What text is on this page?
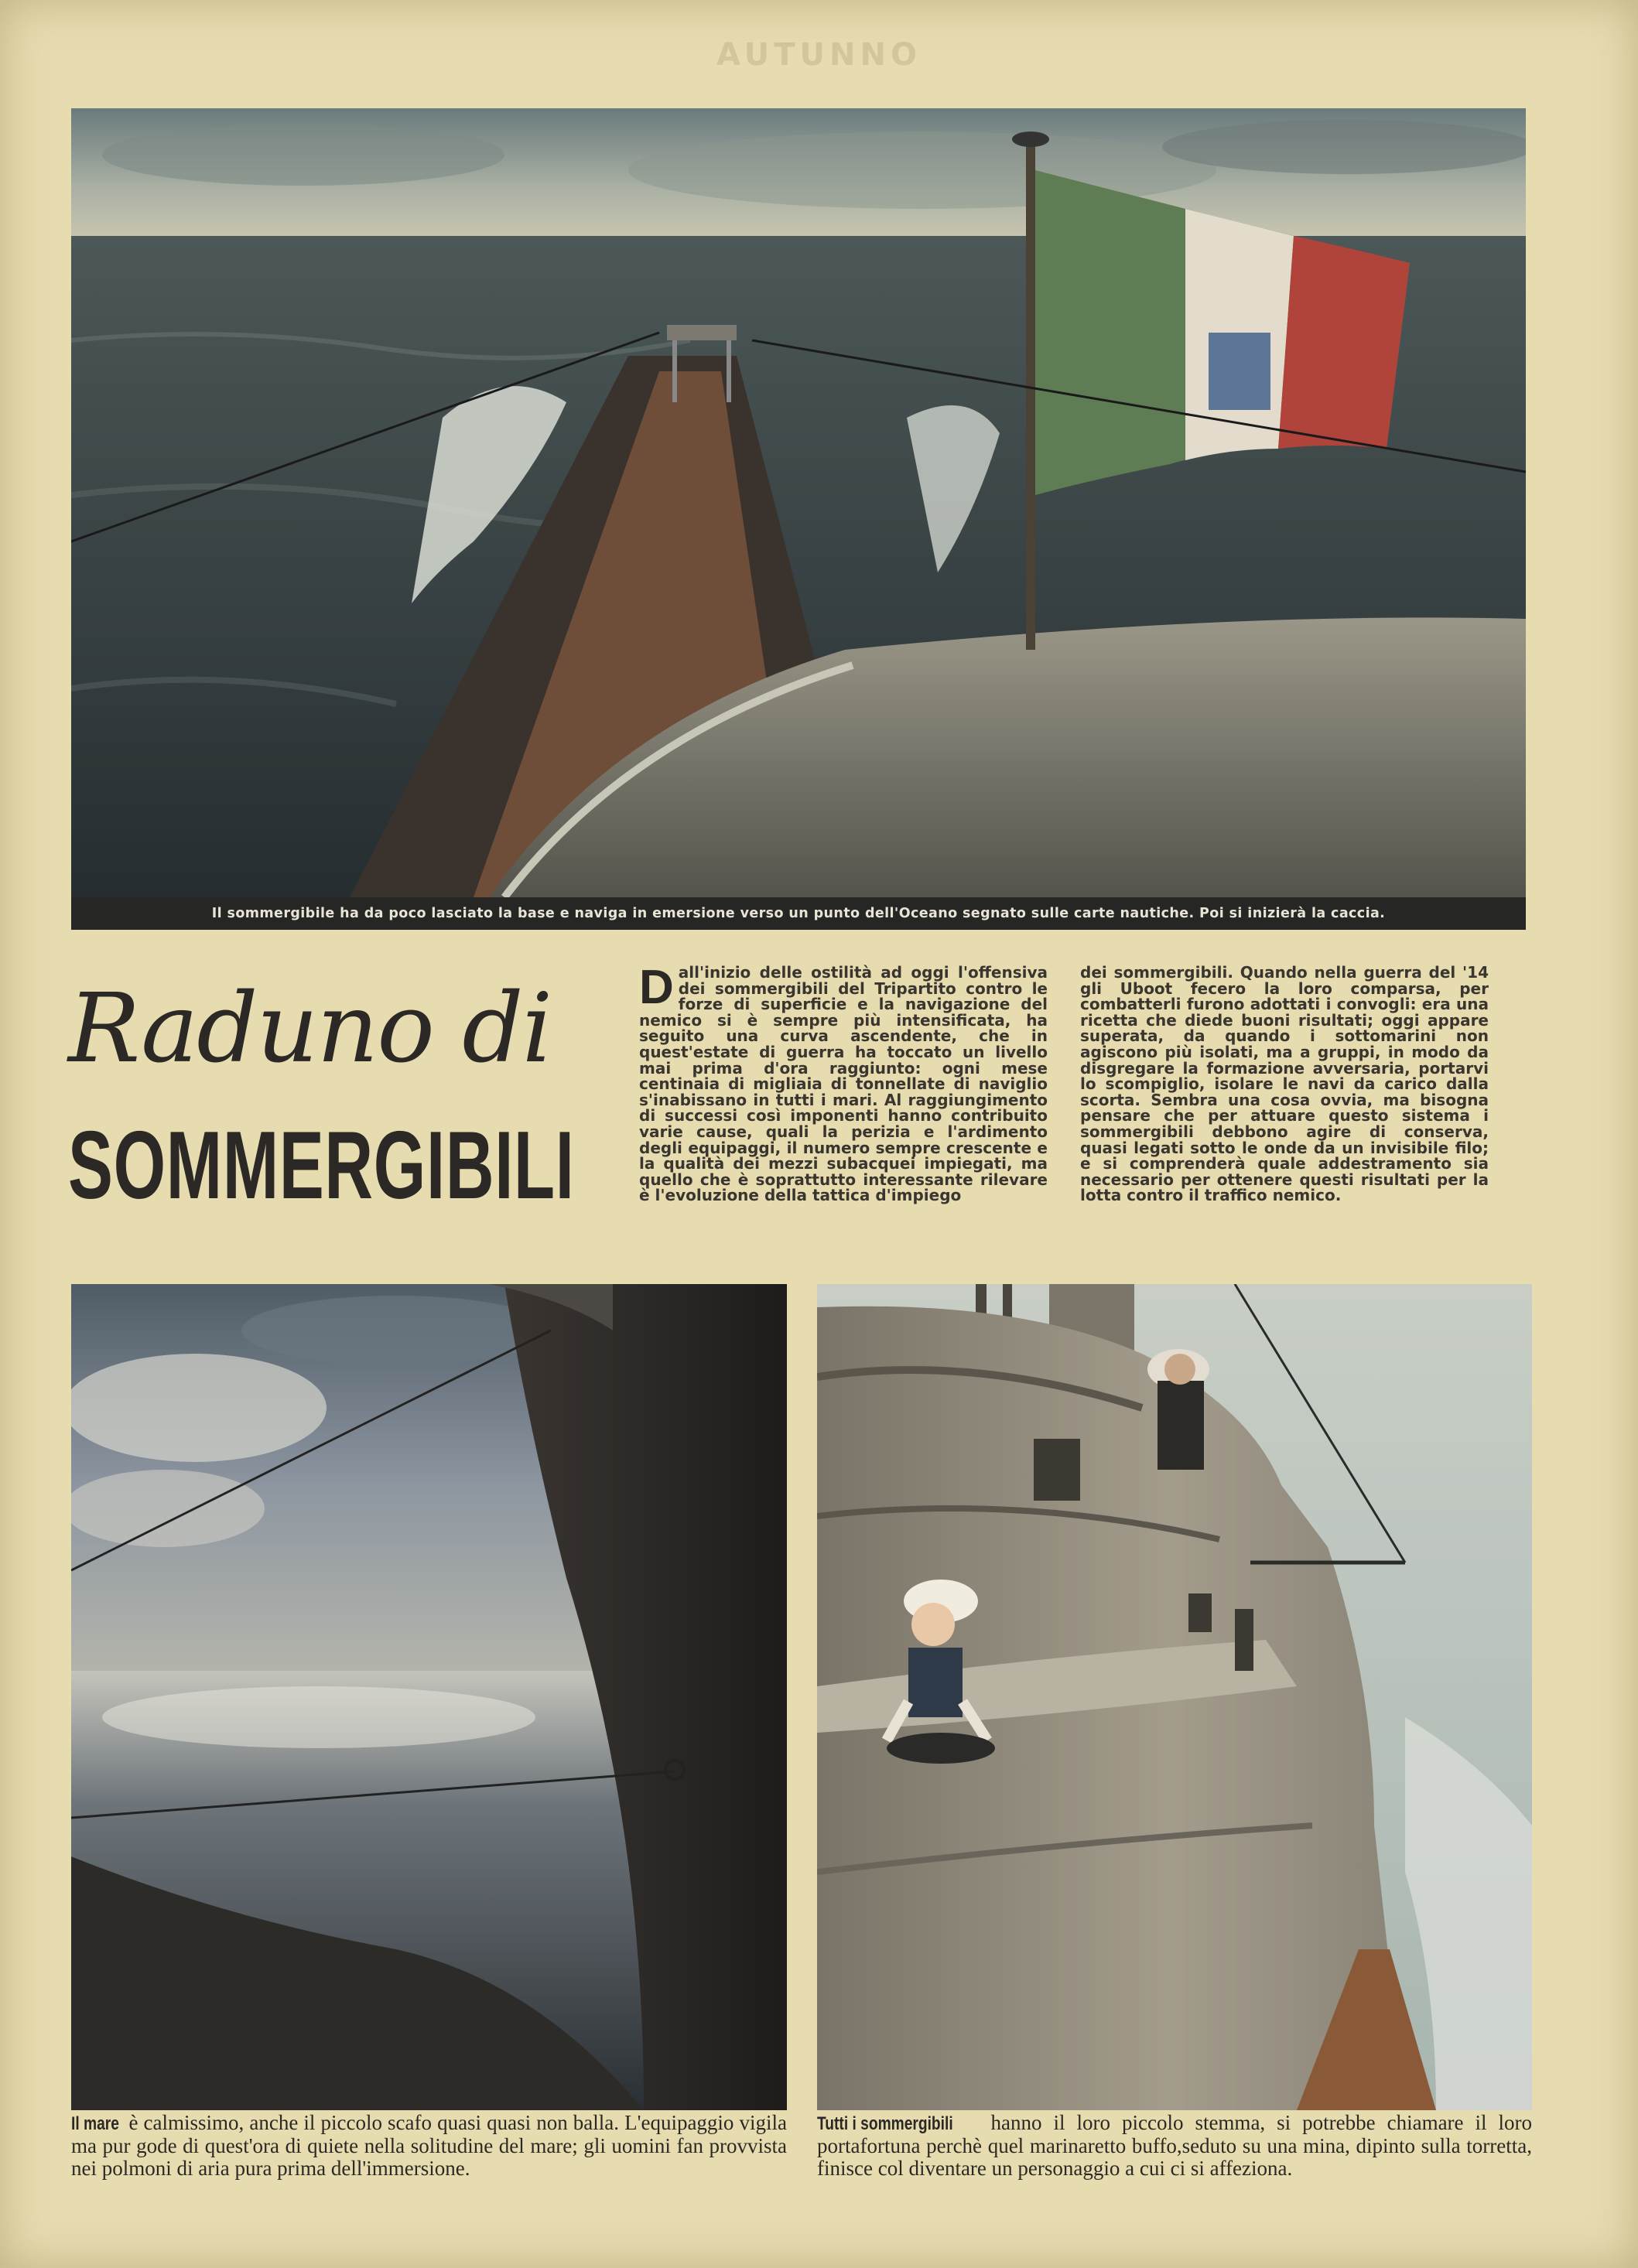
AUTUNNO
Il sommergibile ha da poco lasciato la base e naviga in emersione verso un punto dell'Oceano segnato sulle carte nautiche. Poi si inizierà la caccia.
Raduno di
SOMMERGIBILI
Dall'inizio delle ostilità ad oggi l'offensiva dei sommergibili del Tripartito contro le forze di superficie e la navigazione del nemico si è sempre più intensificata, ha seguito una curva ascendente, che in quest'estate di guerra ha toccato un livello mai prima d'ora raggiunto: ogni mese centinaia di migliaia di tonnellate di naviglio s'inabissano in tutti i mari. Al raggiungimento di successi così imponenti hanno contribuito varie cause, quali la perizia e l'ardimento degli equipaggi, il numero sempre crescente e la qualità dei mezzi subacquei impiegati, ma quello che è soprattutto interessante rilevare è l'evoluzione della tattica d'impiego
dei sommergibili. Quando nella guerra del '14 gli Uboot fecero la loro comparsa, per combatterli furono adottati i convogli: era una ricetta che diede buoni risultati; oggi appare superata, da quando i sottomarini non agiscono più isolati, ma a gruppi, in modo da disgregare la formazione avversaria, portarvi lo scompiglio, isolare le navi da carico dalla scorta. Sembra una cosa ovvia, ma bisogna pensare che per attuare questo sistema i sommergibili debbono agire di conserva, quasi legati sotto le onde da un invisibile filo; e si comprenderà quale addestramento sia necessario per ottenere questi risultati per la lotta contro il traffico nemico.
Il mare è calmissimo, anche il piccolo scafo quasi quasi non balla. L'equipaggio vigila ma pur gode di quest'ora di quiete nella solitudine del mare; gli uomini fan provvista nei polmoni di aria pura prima dell'immersione.
Tutti i sommergibili hanno il loro piccolo stemma, si potrebbe chiamare il loro portafortuna perchè quel marinaretto buffo,seduto su una mina, dipinto sulla torretta, finisce col diventare un personaggio a cui ci si affeziona.
